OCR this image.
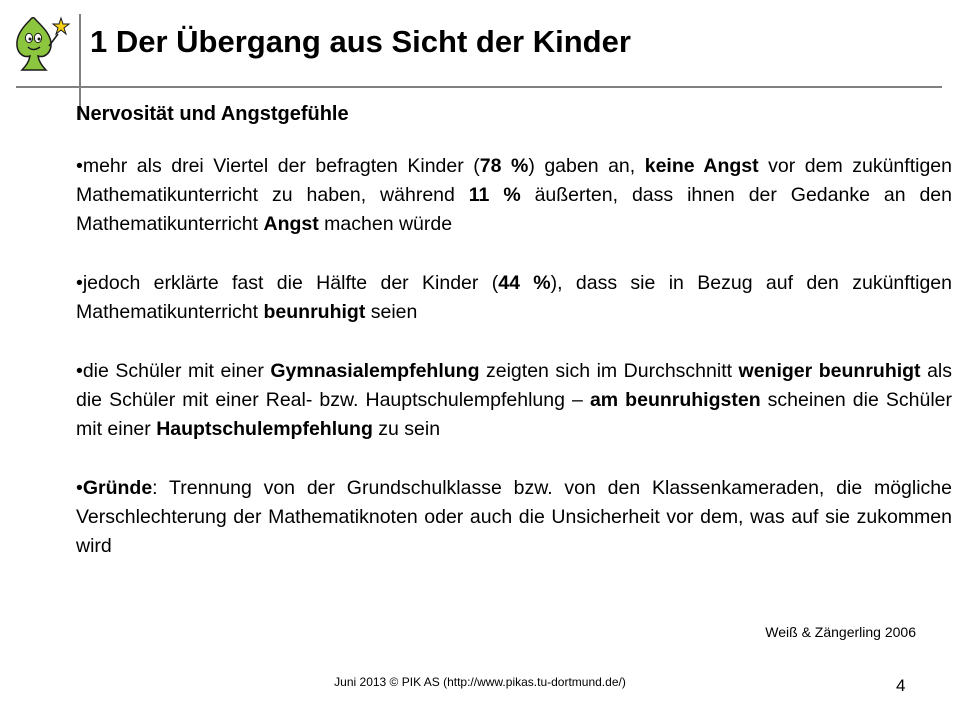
1 Der Übergang aus Sicht der Kinder
Nervosität und Angstgefühle
•mehr als drei Viertel der befragten Kinder (78 %) gaben an, keine Angst vor dem zukünftigen Mathematikunterricht zu haben, während 11 % äußerten, dass ihnen der Gedanke an den Mathematikunterricht Angst machen würde
•jedoch erklärte fast die Hälfte der Kinder (44 %), dass sie in Bezug auf den zukünftigen Mathematikunterricht beunruhigt seien
•die Schüler mit einer Gymnasialempfehlung zeigten sich im Durchschnitt weniger beunruhigt als die Schüler mit einer Real- bzw. Hauptschulempfehlung – am beunruhigsten scheinen die Schüler mit einer Hauptschulempfehlung zu sein
•Gründe: Trennung von der Grundschulklasse bzw. von den Klassenkameraden, die mögliche Verschlechterung der Mathematiknoten oder auch die Unsicherheit vor dem, was auf sie zukommen wird
Weiß & Zängerling 2006
Juni 2013 © PIK AS (http://www.pikas.tu-dortmund.de/)	4
